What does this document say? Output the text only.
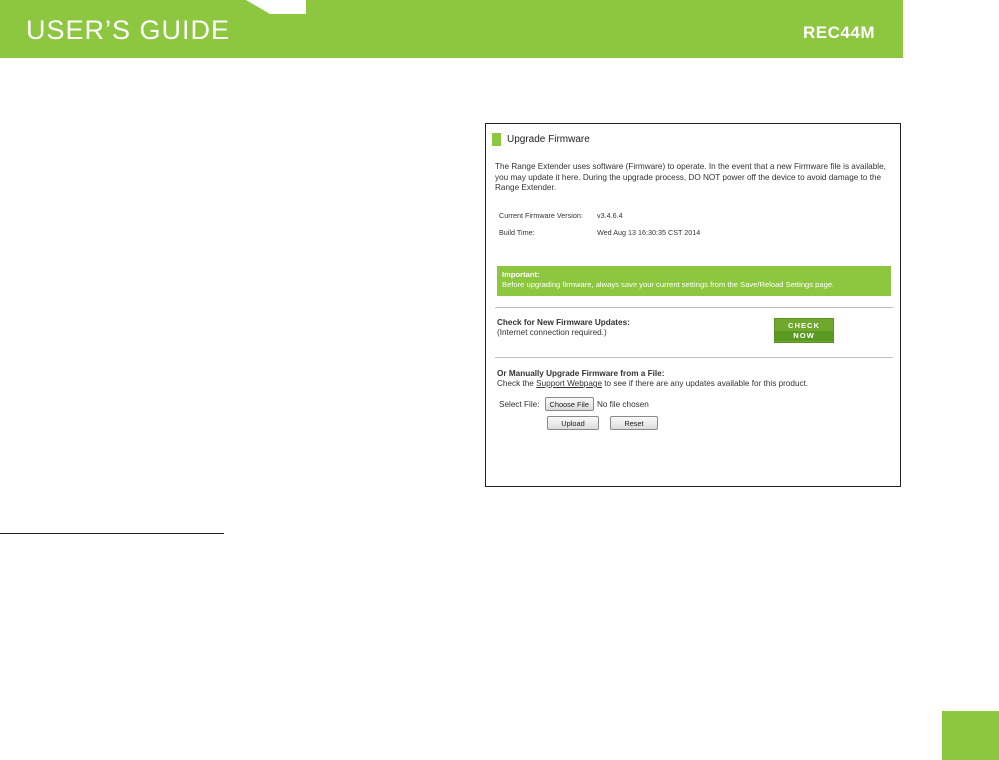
USER’S GUIDE	REC44M
Upgrade Firmware
The Range Extender uses software (Firmware) to operate. In the event that a new Firmware file is available, you may update it here. During the upgrade process, DO NOT power off the device to avoid damage to the Range Extender.
Current Firmware Version: v3.4.6.4
Build Time:	Wed Aug 13 16:30:35 CST 2014
Important:
Before upgrading firmware, always save your current settings from the Save/Reload Settings page.
Check for New Firmware Updates:
(Internet connection required.)
CHECK
NOW
Or Manually Upgrade Firmware from a File:
Check the Support Webpage to see if there are any updates available for this product.
Select File:	Choose File No file chosen
Upload	Reset
